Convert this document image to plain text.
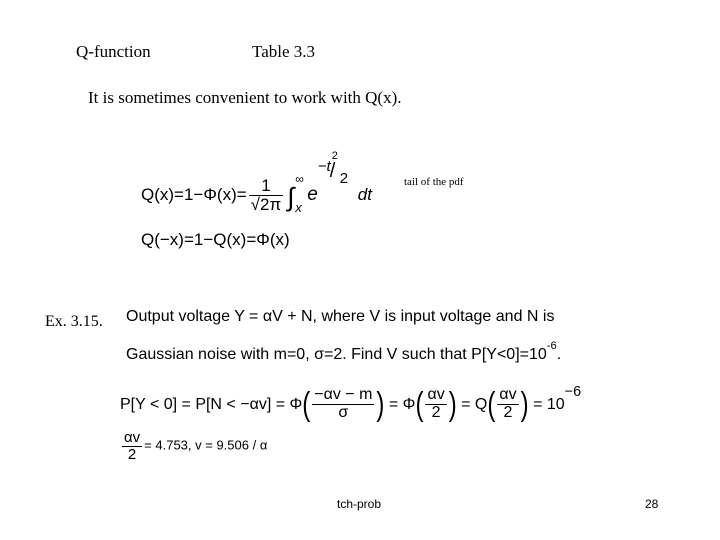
Q-function	Table 3.3
It is sometimes convenient to work with Q(x).
$Q(x)=1-\Phi(x)= \frac{1}{√2\pi}$ ∫
∞
x
e
−t
2
/ 2
dt
tail of the pdf
Q(−x)=1−Q(x)=Φ(x)
Ex. 3.15. Output voltage Y = αV + N, where V is input voltage and N is
Gaussian noise with m=0, σ=2. Find V such that $P[Y<0]=10^{-6}$.
$P[Y < 0] = P[N < -\alpha v] = \Phi( \frac{-\alpha v - m}{\sigma}$ ) = $\Phi( \frac{\alpha v}{2}$ ) = $Q( \frac{\alpha v}{2}$ ) = 10−6
$\frac{\alpha v}{2} = 4.753$, v = 9.506 / α
tch-prob	28
